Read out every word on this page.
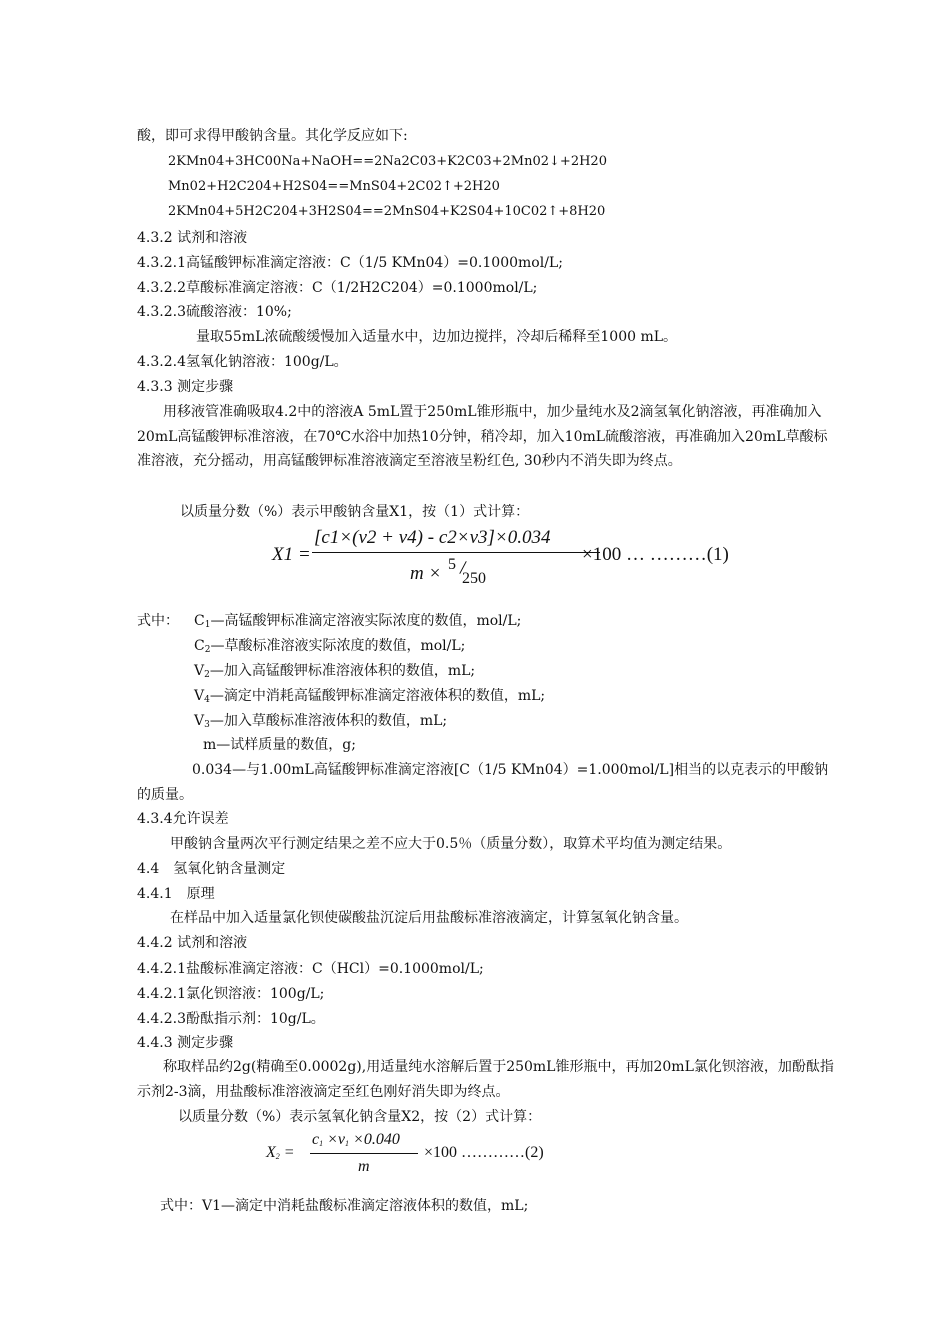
酸，即可求得甲酸钠含量。其化学反应如下:
2KMn04+3HC00Na+NaOH==2Na2C03+K2C03+2Mn02↓+2H20
Mn02+H2C204+H2S04==MnS04+2C02↑+2H20
2KMn04+5H2C204+3H2S04==2MnS04+K2S04+10C02↑+8H20
4.3.2 试剂和溶液
4.3.2.1高锰酸钾标准滴定溶液：C（1/5 KMn04）=0.1000mol/L;
4.3.2.2草酸标准滴定溶液：C（1/2H2C204）=0.1000mol/L;
4.3.2.3硫酸溶液：10%;
量取55mL浓硫酸缓慢加入适量水中，边加边搅拌，冷却后稀释至1000 mL。
4.3.2.4氢氧化钠溶液：100g/L。
4.3.3 测定步骤
用移液管准确吸取4.2中的溶液A 5mL置于250mL锥形瓶中，加少量纯水及2滴氢氧化钠溶液，再准确加入20mL高锰酸钾标准溶液，在70℃水浴中加热10分钟，稍冷却，加入10mL硫酸溶液，再准确加入20mL草酸标准溶液，充分摇动，用高锰酸钾标准溶液滴定至溶液呈粉红色, 30秒内不消失即为终点。
以质量分数（%）表示甲酸钠含量X1，按（1）式计算：
X1 =
[c1×(v2 + v4) - c2×v3]×0.034
m × 5
250
×100 … ………(1)
式中： $C_1—$高锰酸钾标准滴定溶液实际浓度的数值，mol/L;
$C_2—$草酸标准溶液实际浓度的数值，mol/L;
$V_2—$加入高锰酸钾标准溶液体积的数值，mL;
$V_4—$滴定中消耗高锰酸钾标准滴定溶液体积的数值，mL;
$V_3—$加入草酸标准溶液体积的数值，mL;
m—试样质量的数值，g;
0.034—与1.00mL高锰酸钾标准滴定溶液[C（1/5 KMn04）=1.000mol/L]相当的以克表示的甲酸钠的质量。
4.3.4允许误差
甲酸钠含量两次平行测定结果之差不应大于0.5％（质量分数），取算术平均值为测定结果。
4.4　氢氧化钠含量测定
4.4.1　原理
在样品中加入适量氯化钡使碳酸盐沉淀后用盐酸标准溶液滴定，计算氢氧化钠含量。
4.4.2 试剂和溶液
4.4.2.1盐酸标准滴定溶液：C（HCl）=0.1000mol/L;
4.4.2.1氯化钡溶液：100g/L;
4.4.2.3酚酞指示剂：10g/L。
4.4.3 测定步骤
称取样品约2g(精确至0.0002g),用适量纯水溶解后置于250mL锥形瓶中，再加20mL氯化钡溶液，加酚酞指示剂2-3滴，用盐酸标准溶液滴定至红色刚好消失即为终点。
以质量分数（%）表示氢氧化钠含量X2，按（2）式计算：
$X_2$ =
$c_1 \times v_1 \times 0.040$
m
×100 …………(2)
式中：V1—滴定中消耗盐酸标准滴定溶液体积的数值，mL;
